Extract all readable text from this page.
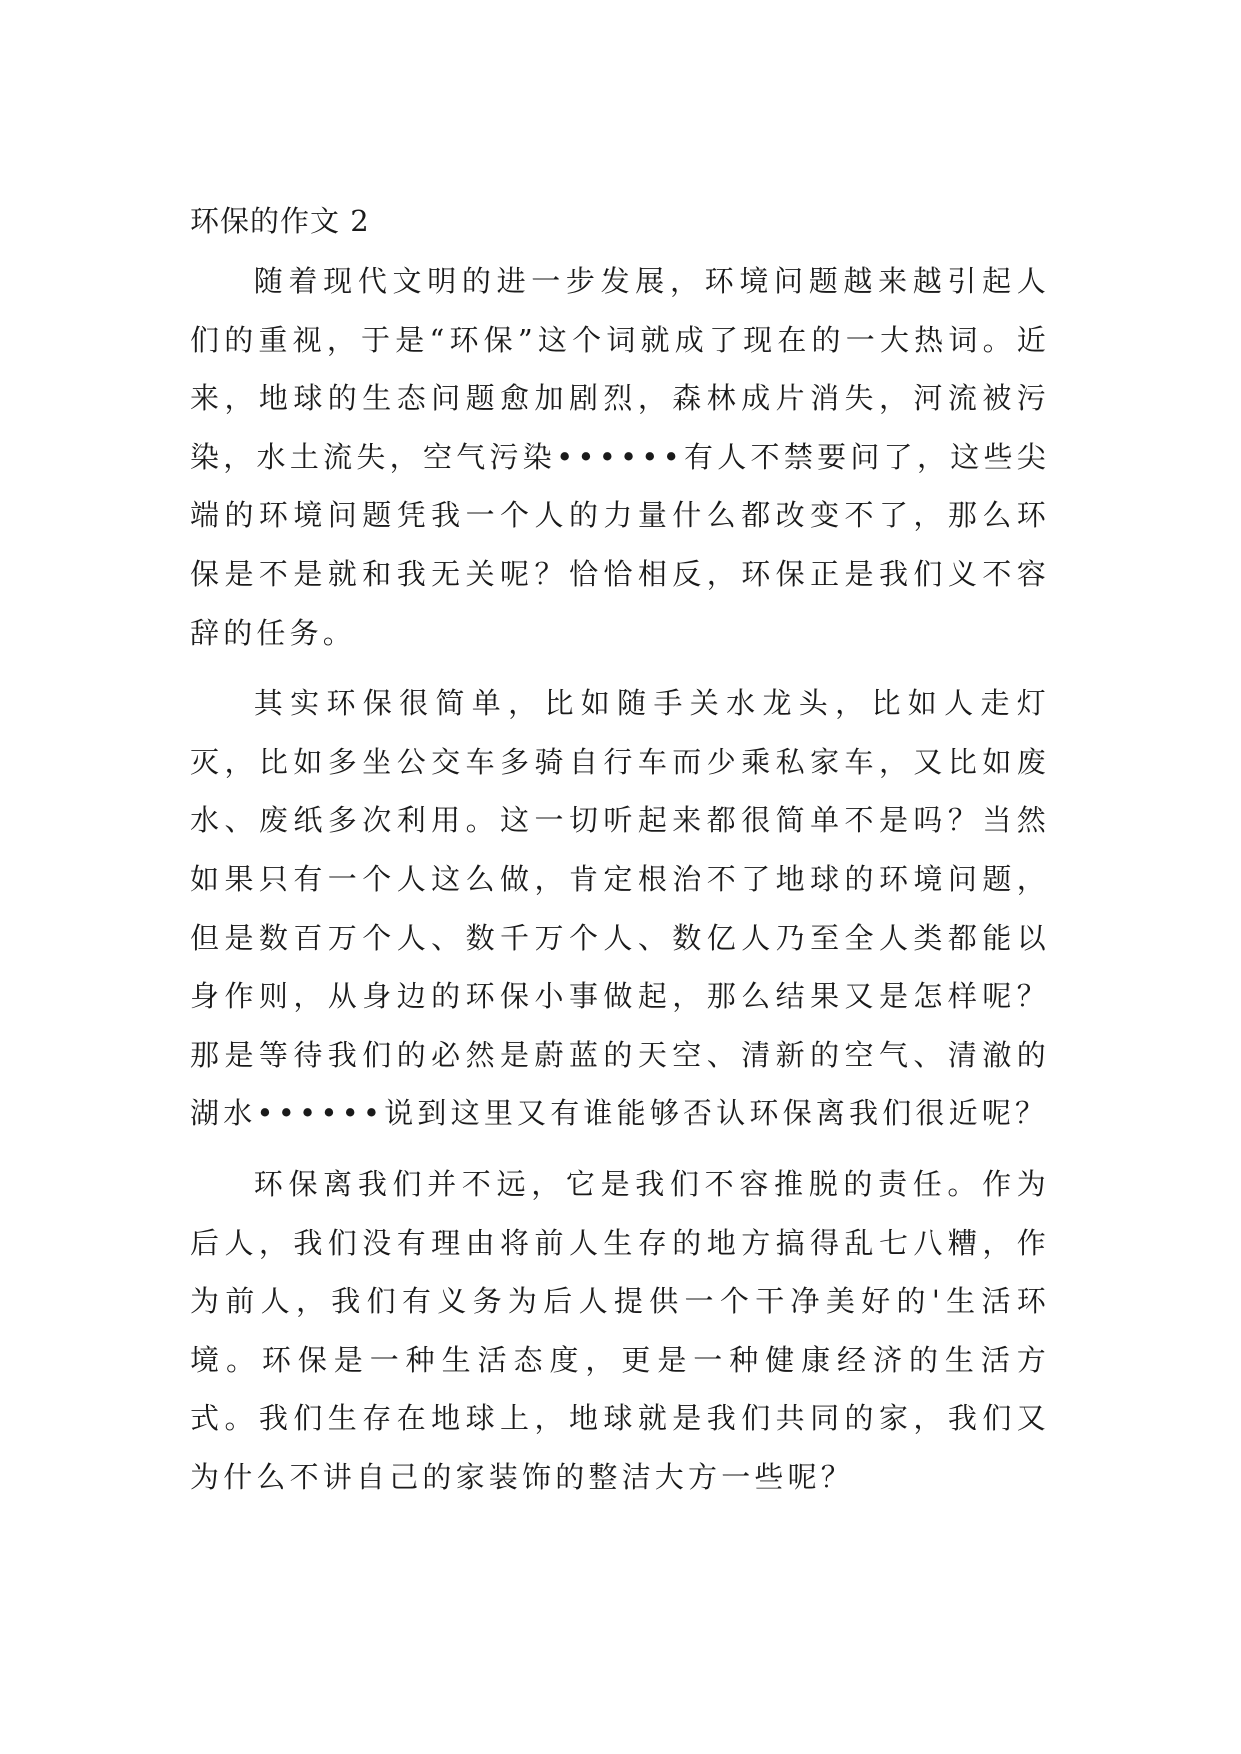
环保的作文 2

随着现代文明的进一步发展，环境问题越来越引起人们的重视，于是“环保”这个词就成了现在的一大热词。近来，地球的生态问题愈加剧烈，森林成片消失，河流被污染，水土流失，空气污染••••••有人不禁要问了，这些尖端的环境问题凭我一个人的力量什么都改变不了，那么环保是不是就和我无关呢？恰恰相反，环保正是我们义不容辞的任务。

其实环保很简单，比如随手关水龙头，比如人走灯灭，比如多坐公交车多骑自行车而少乘私家车，又比如废水、废纸多次利用。这一切听起来都很简单不是吗？当然如果只有一个人这么做，肯定根治不了地球的环境问题，但是数百万个人、数千万个人、数亿人乃至全人类都能以身作则，从身边的环保小事做起，那么结果又是怎样呢？那是等待我们的必然是蔚蓝的天空、清新的空气、清澈的湖水••••••说到这里又有谁能够否认环保离我们很近呢？

环保离我们并不远，它是我们不容推脱的责任。作为后人，我们没有理由将前人生存的地方搞得乱七八糟，作为前人，我们有义务为后人提供一个干净美好的'生活环境。环保是一种生活态度，更是一种健康经济的生活方式。我们生存在地球上，地球就是我们共同的家，我们又为什么不讲自己的家装饰的整洁大方一些呢？
